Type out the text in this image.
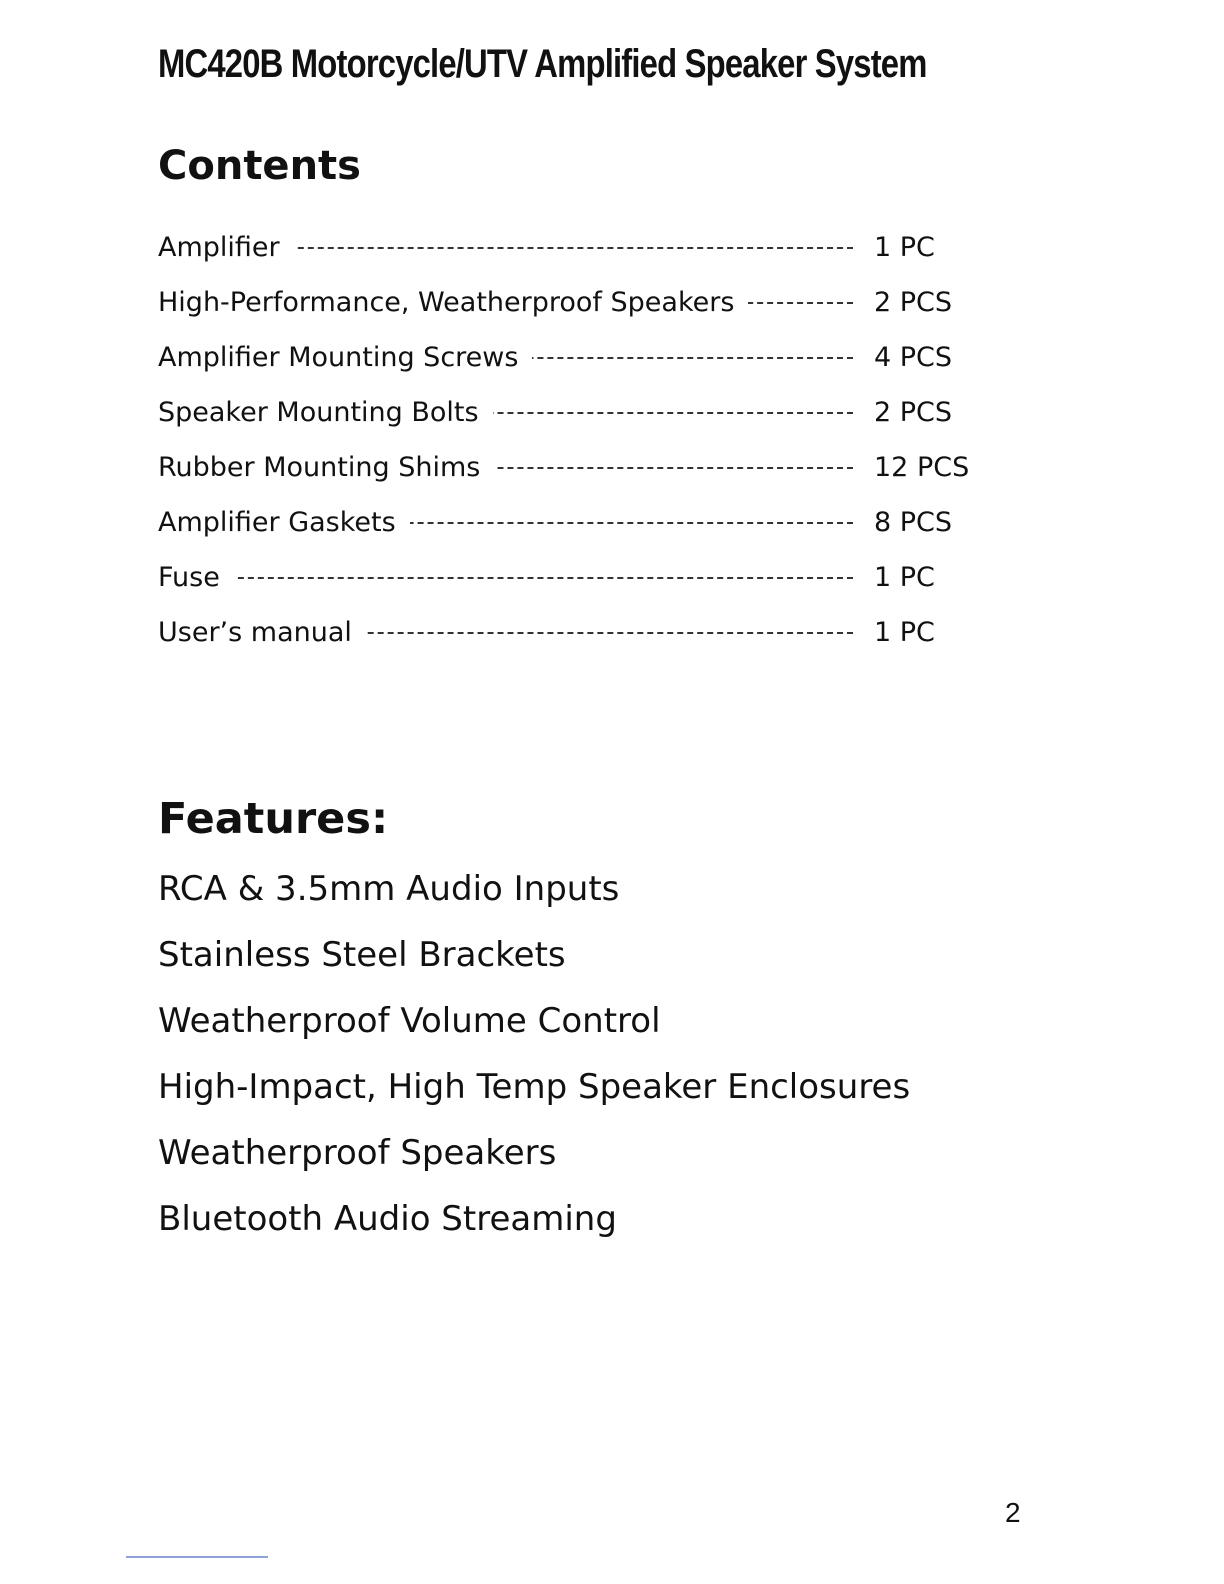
MC420B Motorcycle/UTV Amplified Speaker System
Contents
Amplifier	1 PC
High-Performance, Weatherproof Speakers	2 PCS
Amplifier Mounting Screws	4 PCS
Speaker Mounting Bolts	2 PCS
Rubber Mounting Shims	12 PCS
Amplifier Gaskets	8 PCS
Fuse	1 PC
User’s manual	1 PC
Features:
RCA & 3.5mm Audio Inputs
Stainless Steel Brackets
Weatherproof Volume Control
High-Impact, High Temp Speaker Enclosures
Weatherproof Speakers
Bluetooth Audio Streaming
2
